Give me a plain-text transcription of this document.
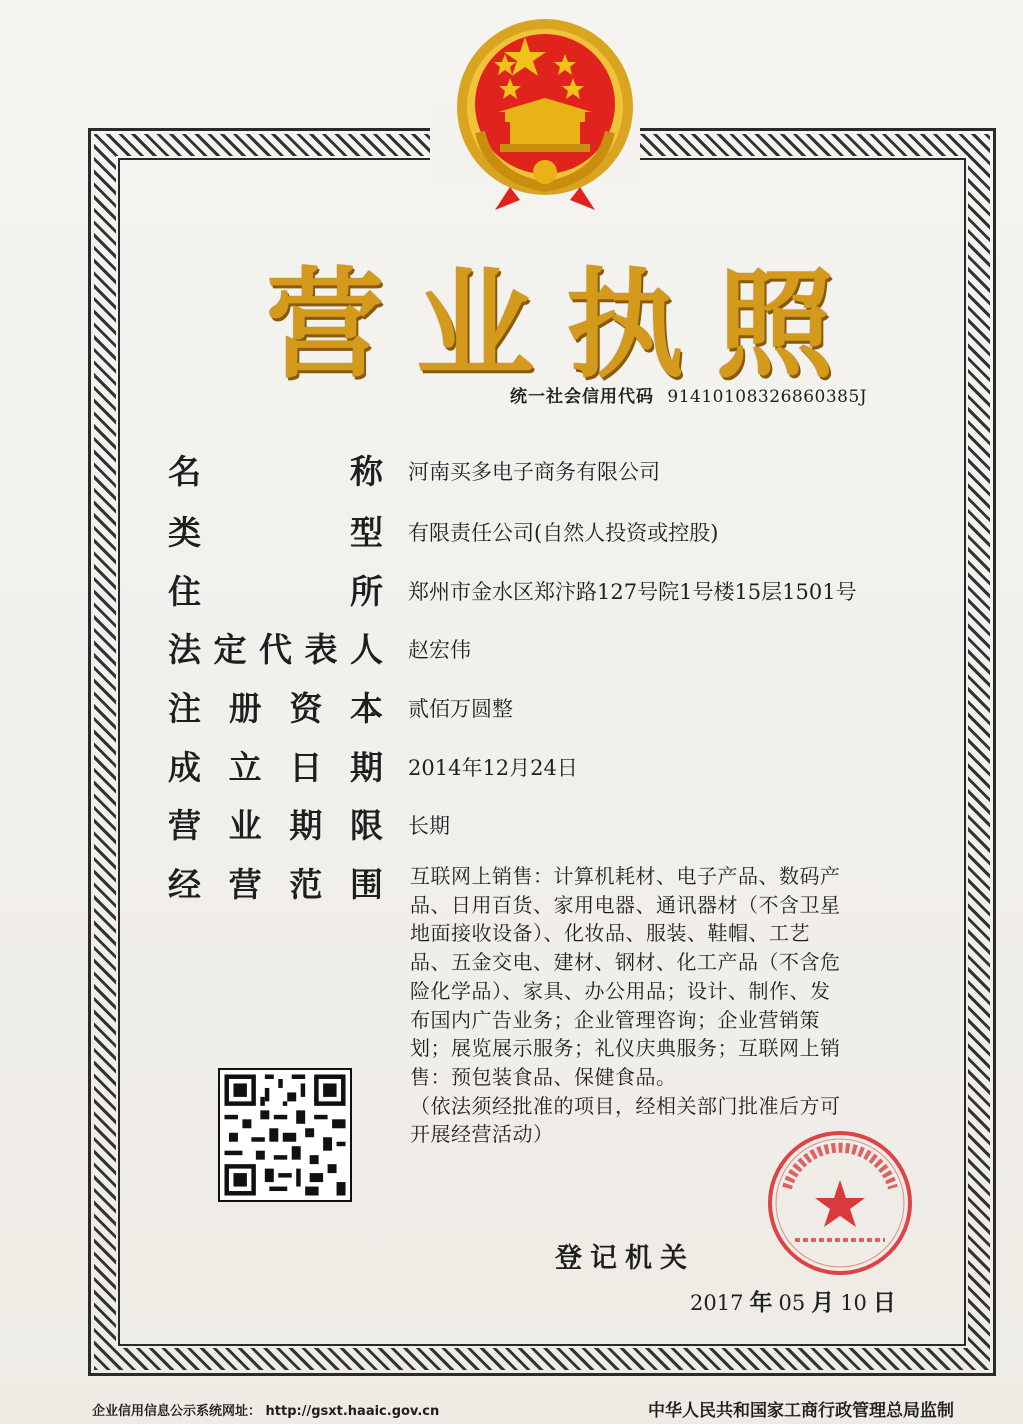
营 业 执 照
统一社会信用代码 91410108326860385J
名	称 河南买多电子商务有限公司
类	型 有限责任公司(自然人投资或控股)
住	所 郑州市金水区郑汴路127号院1号楼15层1501号
法 定 代 表 人 赵宏伟
注 册 资 本 贰佰万圆整
成 立 日 期 2014年12月24日
营 业 期 限 长期
经 营 范 围 互联网上销售：计算机耗材、电子产品、数码产
品、日用百货、家用电器、通讯器材（不含卫星
地面接收设备）、化妆品、服装、鞋帽、工艺
品、五金交电、建材、钢材、化工产品（不含危
险化学品）、家具、办公用品；设计、制作、发
布国内广告业务；企业管理咨询；企业营销策
划；展览展示服务；礼仪庆典服务；互联网上销
售：预包装食品、保健食品。
（依法须经批准的项目，经相关部门批准后方可
开展经营活动）
登记机关
2017 年 05 月 10 日
企业信用信息公示系统网址： http://gsxt.haaic.gov.cn	中华人民共和国家工商行政管理总局监制
